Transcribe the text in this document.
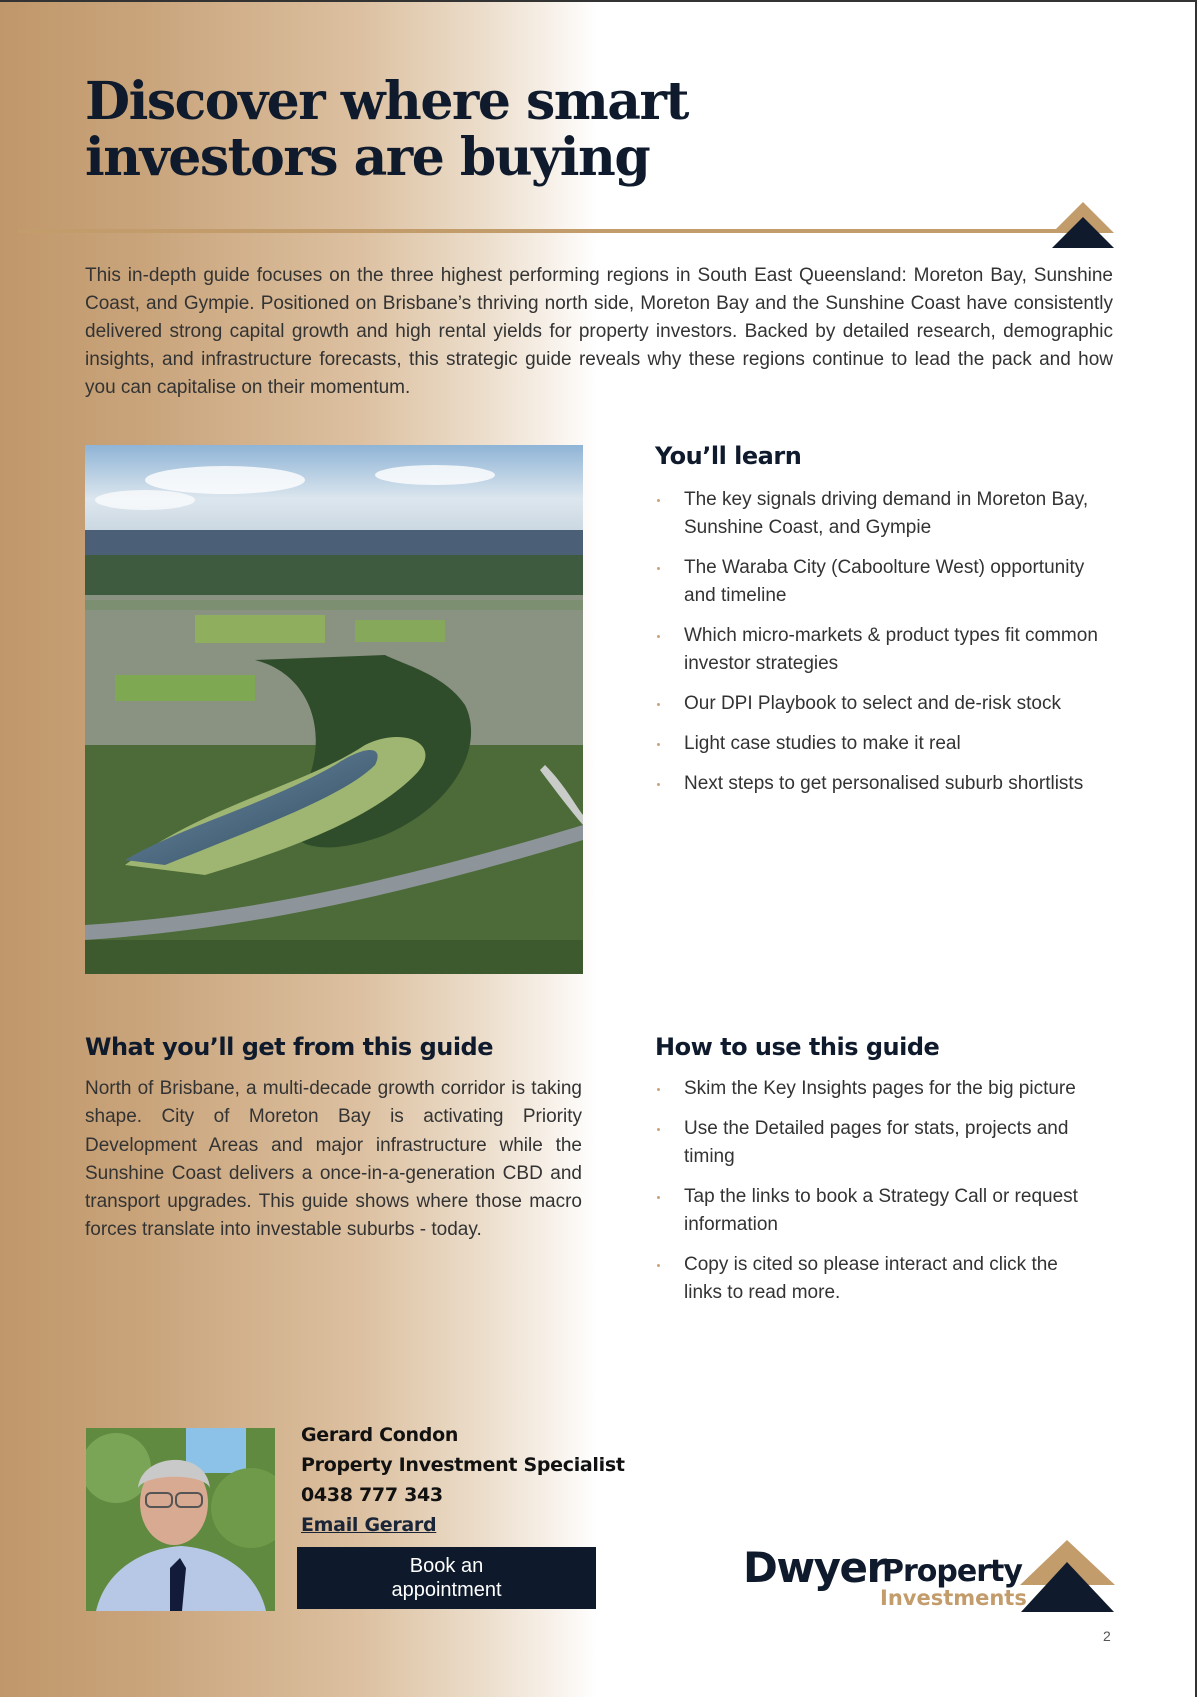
Discover where smart
investors are buying

This in-depth guide focuses on the three highest performing regions in South East Queensland: Moreton Bay, Sunshine Coast, and Gympie. Positioned on Brisbane’s thriving north side, Moreton Bay and the Sunshine Coast have consistently delivered strong capital growth and high rental yields for property investors. Backed by detailed research, demographic insights, and infrastructure forecasts, this strategic guide reveals why these regions continue to lead the pack and how you can capitalise on their momentum.

You’ll learn
The key signals driving demand in Moreton Bay, Sunshine Coast, and Gympie
The Waraba City (Caboolture West) opportunity and timeline
Which micro-markets & product types fit common investor strategies
Our DPI Playbook to select and de-risk stock
Light case studies to make it real
Next steps to get personalised suburb shortlists
What you’ll get from this guide

North of Brisbane, a multi-decade growth corridor is taking shape. City of Moreton Bay is activating Priority Development Areas and major infrastructure while the Sunshine Coast delivers a once-in-a-generation CBD and transport upgrades. This guide shows where those macro forces translate into investable suburbs - today.

How to use this guide
Skim the Key Insights pages for the big picture
Use the Detailed pages for stats, projects and timing
Tap the links to book a Strategy Call or request information
Copy is cited so please interact and click the links to read more.
Gerard Condon
Property Investment Specialist
0438 777 343
Email Gerard
Book an
appointment	Dwyer
Property
Investments
2
